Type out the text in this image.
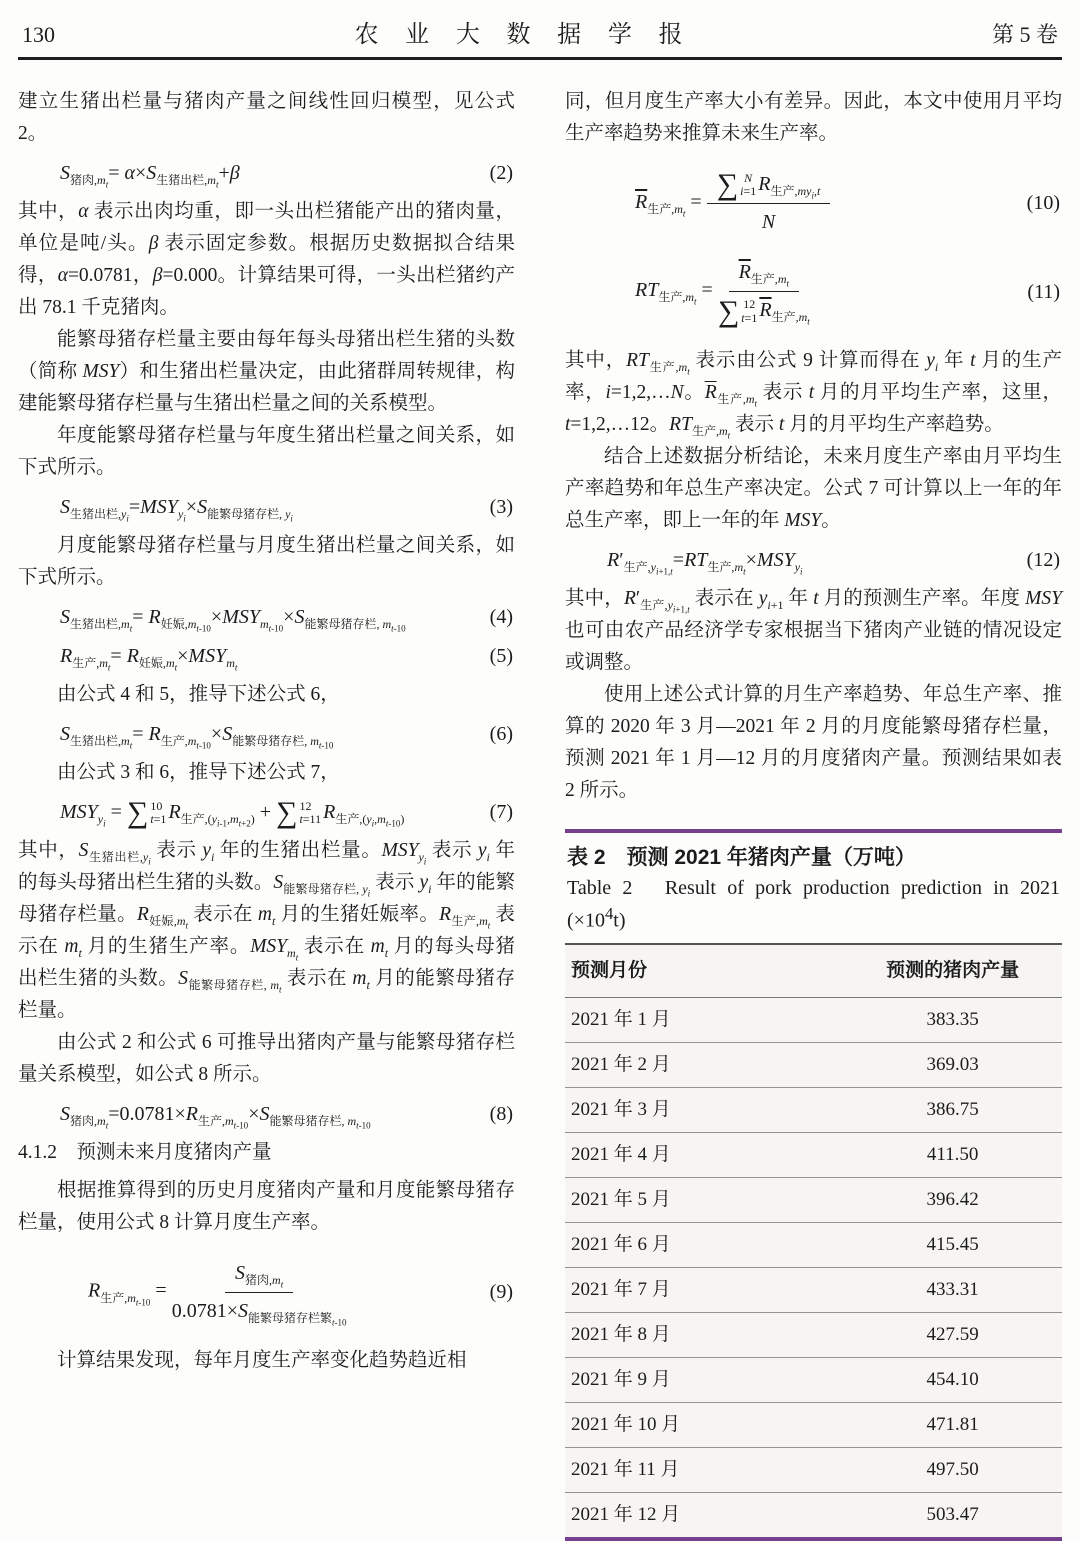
130	农 业 大 数 据 学 报	第 5 卷

建立生猪出栏量与猪肉产量之间线性回归模型，见公式 2。

$S_{猪肉,m_t}= \alpha\times S_{生猪出栏,m_t}+\beta$	(2)

其中，α 表示出肉均重，即一头出栏猪能产出的猪肉量，单位是吨/头。β 表示固定参数。根据历史数据拟合结果得，α=0.0781，β=0.000。计算结果可得，一头出栏猪约产出 78.1 千克猪肉。

能繁母猪存栏量主要由每年每头母猪出栏生猪的头数（简称 MSY）和生猪出栏量决定，由此猪群周转规律，构建能繁母猪存栏量与生猪出栏量之间的关系模型。

年度能繁母猪存栏量与年度生猪出栏量之间关系，如下式所示。

$S_{生猪出栏,y_i}=MSY_{y_i}\times S_{能繁母猪存栏, y_i}$
(3)

月度能繁母猪存栏量与月度生猪出栏量之间关系，如下式所示。

$S_{生猪出栏,m_t}= R_{妊娠,m_{t-10}}\times MSY_{m_{t-10}}\times S_{能繁母猪存栏, m_{t-10}}$
(4)
$R_{生产,m_t}= R_{妊娠,m_t}\times MSY_{m_t}$
(5)

由公式 4 和 5，推导下述公式 6，

$S_{生猪出栏,m_t}= R_{生产,m_{t-10}}\times S_{能繁母猪存栏, m_{t-10}}$
(6)

由公式 3 和 6，推导下述公式 7，

$MSY_{y_i}$ = ∑ 10
t=1 $R_{生产,(y_{i-1},m_{t+2})}$ + ∑ 12
t=11 $R_{生产,(y_i,m_{t-10})}$	(7)

其中，$S_{生猪出栏,y_i}$ 表示 $y_i$ 年的生猪出栏量。$MSY_{y_i}$ 表示 $y_i$ 年的每头母猪出栏生猪的头数。$S_{能繁母猪存栏, y_i}$ 表示 $y_i$ 年的能繁母猪存栏量。$R_{妊娠,m_t}$ 表示在 $m_t$ 月的生猪妊娠率。$R_{生产,m_t}$ 表示在 $m_t$ 月的生猪生产率。$MSY_{m_t}$ 表示在 $m_t$ 月的每头母猪出栏生猪的头数。$S_{能繁母猪存栏, m_t}$ 表示在 $m_t$ 月的能繁母猪存栏量。

由公式 2 和公式 6 可推导出猪肉产量与能繁母猪存栏量关系模型，如公式 8 所示。

$S_{猪肉,m_t}=0.0781\times R_{生产,m_{t-10}}\times S_{能繁母猪存栏, m_{t-10}}$
(8)

4.1.2　预测未来月度猪肉产量

根据推算得到的历史月度猪肉产量和月度能繁母猪存栏量，使用公式 8 计算月度生产率。

$R_{生产,m_{t-10}} = \frac{S_{猪肉,m_t}}{0.0781\times S_{能繁母猪存栏繁_{t-10}}}$	(9)

计算结果发现，每年月度生产率变化趋势趋近相

同，但月度生产率大小有差异。因此，本文中使用月平均生产率趋势来推算未来生产率。

$\overline{R}_{生产,m_t}$ = ∑ N
i=1 $R_{生产,my_i,t}$
N	(10)
$RT_{生产,m_t} = \overline{R}_{生产,m_t}$
∑ 12
t=1 $\overline{R}_{生产,m_t}$	(11)

其中，$RT_{生产,m_t}$ 表示由公式 9 计算而得在 $y_i$ 年 t 月的生产率，i=1,2,…N。$\overline{R}_{生产,m_t}$ 表示 t 月的月平均生产率，这里，t=1,2,…12。$RT_{生产,m_t}$ 表示 t 月的月平均生产率趋势。

结合上述数据分析结论，未来月度生产率由月平均生产率趋势和年总生产率决定。公式 7 可计算以上一年的年总生产率，即上一年的年 MSY。

$R'_{生产,y_{i+1,t}}=RT_{生产,m_t}\times MSY_{y_i}$
(12)

其中，$R'_{生产,y_{i+1,t}}$ 表示在 $y_{i+1}$ 年 t 月的预测生产率。年度 MSY 也可由农产品经济学专家根据当下猪肉产业链的情况设定或调整。

使用上述公式计算的月生产率趋势、年总生产率、推算的 2020 年 3 月—2021 年 2 月的月度能繁母猪存栏量，预测 2021 年 1 月—12 月的月度猪肉产量。预测结果如表 2 所示。

表 2　预测 2021 年猪肉产量（万吨）
Table 2　Result of pork production prediction in 2021 $(\times 10^4t)$
预测月份	预测的猪肉产量
2021 年 1 月	383.35
2021 年 2 月	369.03
2021 年 3 月	386.75
2021 年 4 月	411.50
2021 年 5 月	396.42
2021 年 6 月	415.45
2021 年 7 月	433.31
2021 年 8 月	427.59
2021 年 9 月	454.10
2021 年 10 月	471.81
2021 年 11 月	497.50
2021 年 12 月	503.47
